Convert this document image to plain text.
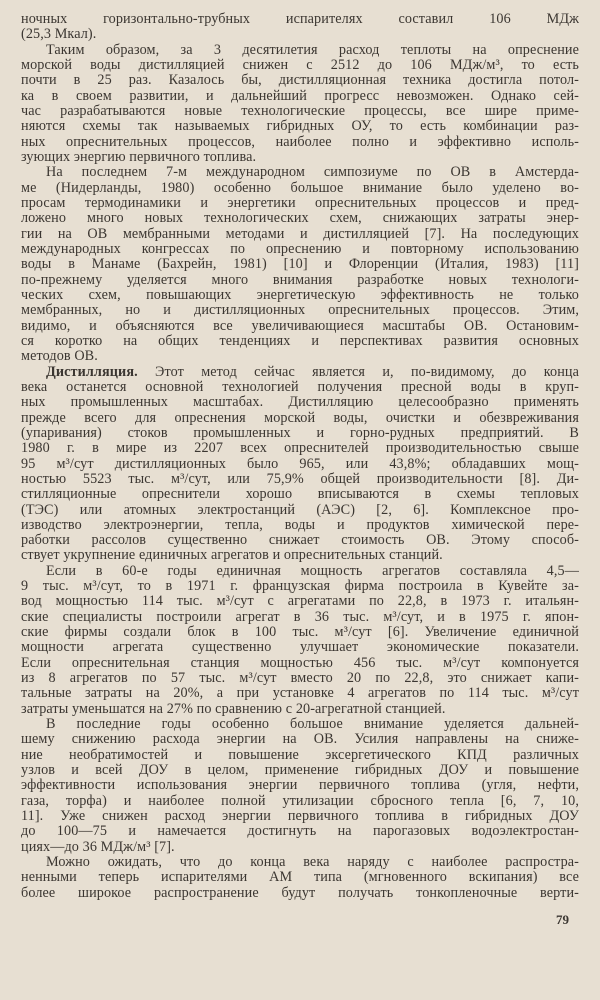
ночных горизонтально-трубных испарителях составил 106 МДж
(25,3 Мкал).
Таким образом, за 3 десятилетия расход теплоты на опреснение
морской воды дистилляцией снижен с 2512 до 106 МДж/м³, то есть
почти в 25 раз. Казалось бы, дистилляционная техника достигла потол-
ка в своем развитии, и дальнейший прогресс невозможен. Однако сей-
час разрабатываются новые технологические процессы, все шире приме-
няются схемы так называемых гибридных ОУ, то есть комбинации раз-
ных опреснительных процессов, наиболее полно и эффективно исполь-
зующих энергию первичного топлива.
На последнем 7-м международном симпозиуме по ОВ в Амстерда-
ме (Нидерланды, 1980) особенно большое внимание было уделено во-
просам термодинамики и энергетики опреснительных процессов и пред-
ложено много новых технологических схем, снижающих затраты энер-
гии на ОВ мембранными методами и дистилляцией [7]. На последующих
международных конгрессах по опреснению и повторному использованию
воды в Манаме (Бахрейн, 1981) [10] и Флоренции (Италия, 1983) [11]
по-прежнему уделяется много внимания разработке новых технологи-
ческих схем, повышающих энергетическую эффективность не только
мембранных, но и дистилляционных опреснительных процессов. Этим,
видимо, и объясняются все увеличивающиеся масштабы ОВ. Остановим-
ся коротко на общих тенденциях и перспективах развития основных
методов ОВ.
Дистилляция. Этот метод сейчас является и, по-видимому, до конца
века останется основной технологией получения пресной воды в круп-
ных промышленных масштабах. Дистилляцию целесообразно применять
прежде всего для опреснения морской воды, очистки и обезвреживания
(упаривания) стоков промышленных и горно-рудных предприятий. В
1980 г. в мире из 2207 всех опреснителей производительностью свыше
95 м³/сут дистилляционных было 965, или 43,8%; обладавших мощ-
ностью 5523 тыс. м³/сут, или 75,9% общей производительности [8]. Ди-
стилляционные опреснители хорошо вписываются в схемы тепловых
(ТЭС) или атомных электростанций (АЭС) [2, 6]. Комплексное про-
изводство электроэнергии, тепла, воды и продуктов химической пере-
работки рассолов существенно снижает стоимость ОВ. Этому способ-
ствует укрупнение единичных агрегатов и опреснительных станций.
Если в 60-е годы единичная мощность агрегатов составляла 4,5—
9 тыс. м³/сут, то в 1971 г. французская фирма построила в Кувейте за-
вод мощностью 114 тыс. м³/сут с агрегатами по 22,8, в 1973 г. итальян-
ские специалисты построили агрегат в 36 тыс. м³/сут, и в 1975 г. япон-
ские фирмы создали блок в 100 тыс. м³/сут [6]. Увеличение единичной
мощности агрегата существенно улучшает экономические показатели.
Если опреснительная станция мощностью 456 тыс. м³/сут компонуется
из 8 агрегатов по 57 тыс. м³/сут вместо 20 по 22,8, это снижает капи-
тальные затраты на 20%, а при установке 4 агрегатов по 114 тыс. м³/сут
затраты уменьшатся на 27% по сравнению с 20-агрегатной станцией.
В последние годы особенно большое внимание уделяется дальней-
шему снижению расхода энергии на ОВ. Усилия направлены на сниже-
ние необратимостей и повышение эксергетического КПД различных
узлов и всей ДОУ в целом, применение гибридных ДОУ и повышение
эффективности использования энергии первичного топлива (угля, нефти,
газа, торфа) и наиболее полной утилизации сбросного тепла [6, 7, 10,
11]. Уже снижен расход энергии первичного топлива в гибридных ДОУ
до 100—75 и намечается достигнуть на парогазовых водоэлектростан-
циях—до 36 МДж/м³ [7].
Можно ожидать, что до конца века наряду с наиболее распростра-
ненными теперь испарителями АМ типа (мгновенного вскипания) все
более широкое распространение будут получать тонкопленочные верти-
79
